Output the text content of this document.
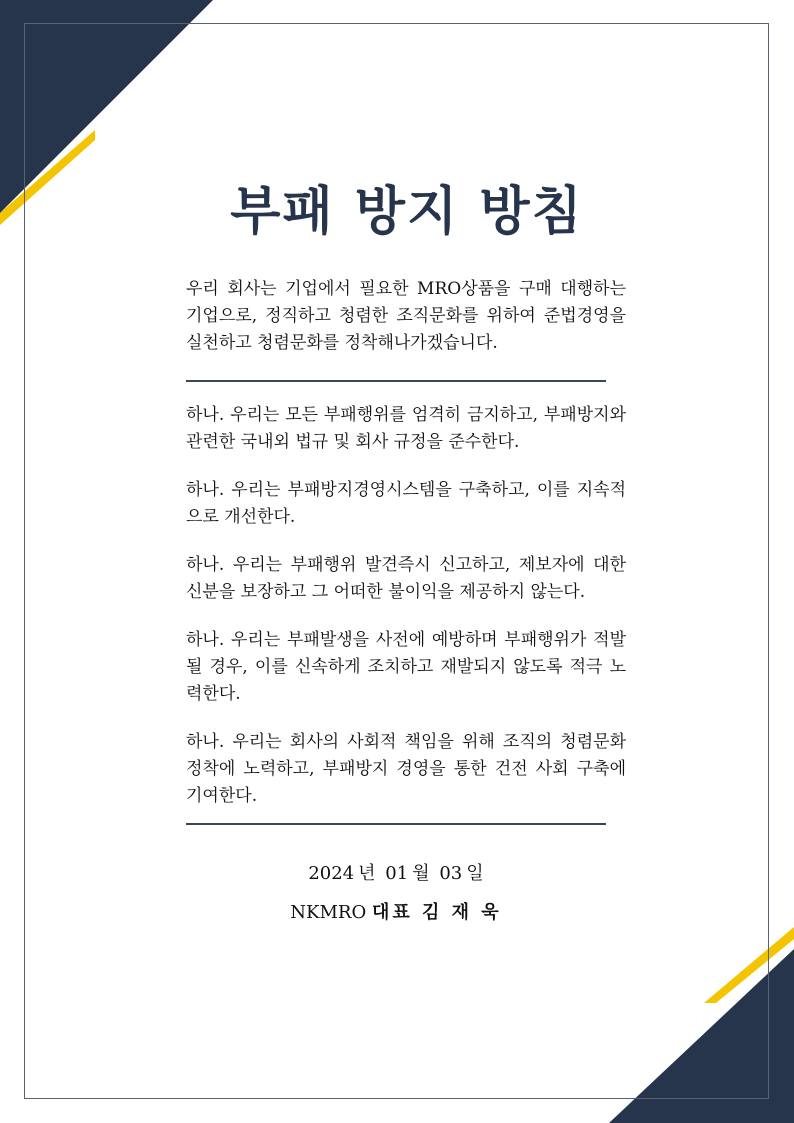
부패 방지 방침

우리 회사는 기업에서 필요한 MRO상품을 구매 대행하는 기업으로, 정직하고 청렴한 조직문화를 위하여 준법경영을 실천하고 청렴문화를 정착해나가겠습니다.

하나. 우리는 모든 부패행위를 엄격히 금지하고, 부패방지와 관련한 국내외 법규 및 회사 규정을 준수한다.

하나. 우리는 부패방지경영시스템을 구축하고, 이를 지속적으로 개선한다.

하나. 우리는 부패행위 발견즉시 신고하고, 제보자에 대한 신분을 보장하고 그 어떠한 불이익을 제공하지 않는다.

하나. 우리는 부패발생을 사전에 예방하며 부패행위가 적발될 경우, 이를 신속하게 조치하고 재발되지 않도록 적극 노력한다.

하나. 우리는 회사의 사회적 책임을 위해 조직의 청렴문화 정착에 노력하고, 부패방지 경영을 통한 건전 사회 구축에 기여한다.

2024 년 01 월 03 일
NKMRO 대표 김 재 욱
